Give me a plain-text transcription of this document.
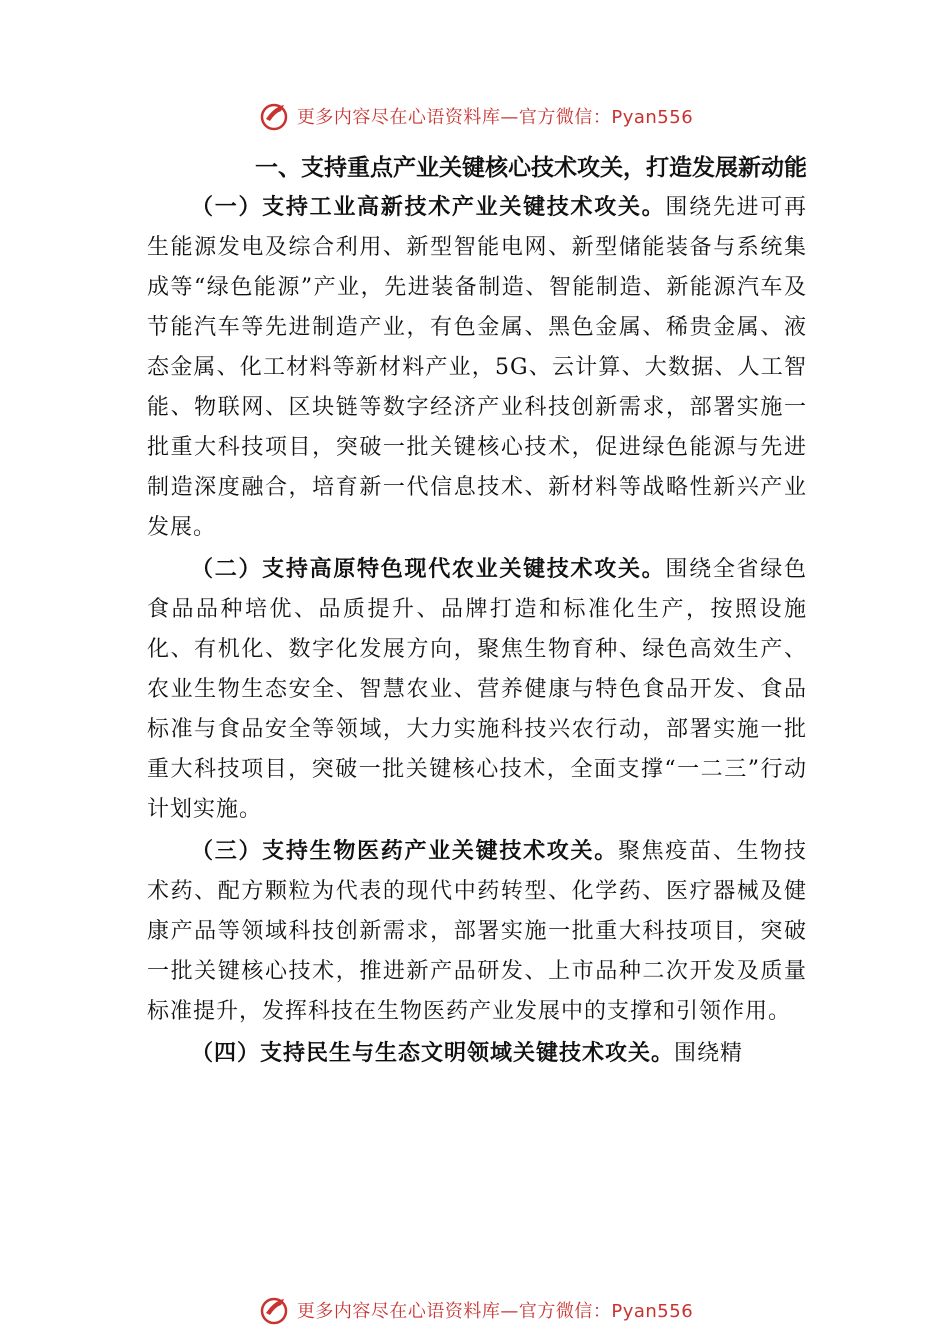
更多内容尽在心语资料库—官方微信：Pyan556
一、支持重点产业关键核心技术攻关，打造发展新动能

（一）支持工业高新技术产业关键技术攻关。围绕先进可再生能源发电及综合利用、新型智能电网、新型储能装备与系统集成等“绿色能源”产业，先进装备制造、智能制造、新能源汽车及节能汽车等先进制造产业，有色金属、黑色金属、稀贵金属、液态金属、化工材料等新材料产业，5G、云计算、大数据、人工智能、物联网、区块链等数字经济产业科技创新需求，部署实施一批重大科技项目，突破一批关键核心技术，促进绿色能源与先进制造深度融合，培育新一代信息技术、新材料等战略性新兴产业发展。

（二）支持高原特色现代农业关键技术攻关。围绕全省绿色食品品种培优、品质提升、品牌打造和标准化生产，按照设施化、有机化、数字化发展方向，聚焦生物育种、绿色高效生产、农业生物生态安全、智慧农业、营养健康与特色食品开发、食品标准与食品安全等领域，大力实施科技兴农行动，部署实施一批重大科技项目，突破一批关键核心技术，全面支撑“一二三”行动计划实施。

（三）支持生物医药产业关键技术攻关。聚焦疫苗、生物技术药、配方颗粒为代表的现代中药转型、化学药、医疗器械及健康产品等领域科技创新需求，部署实施一批重大科技项目，突破一批关键核心技术，推进新产品研发、上市品种二次开发及质量标准提升，发挥科技在生物医药产业发展中的支撑和引领作用。

（四）支持民生与生态文明领域关键技术攻关。围绕精

更多内容尽在心语资料库—官方微信：Pyan556
